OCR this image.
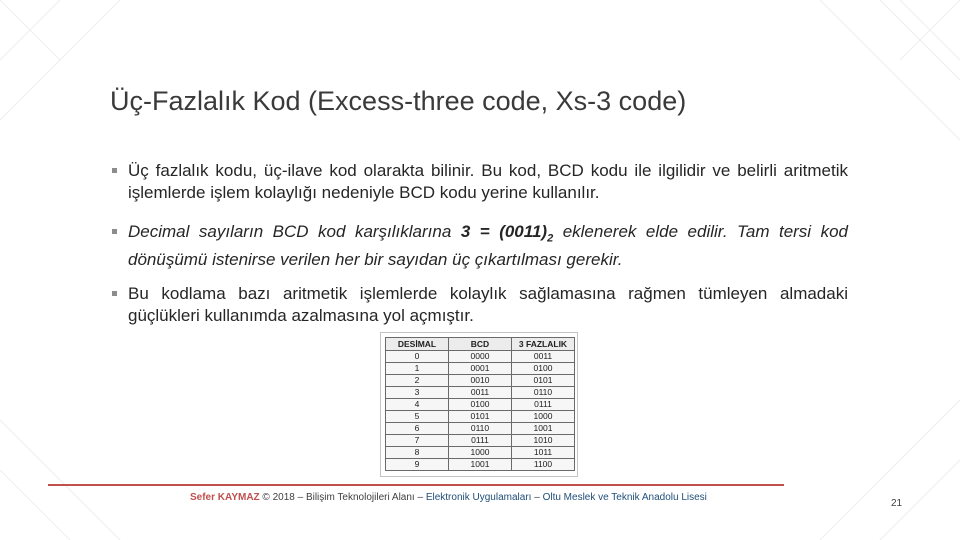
Üç-Fazlalık Kod (Excess-three code, Xs-3 code)
Üç fazlalık kodu, üç-ilave kod olarakta bilinir. Bu kod, BCD kodu ile ilgilidir ve belirli aritmetik işlemlerde işlem kolaylığı nedeniyle BCD kodu yerine kullanılır.
Decimal sayıların BCD kod karşılıklarına $3 = (0011)_2$ eklenerek elde edilir. Tam tersi kod dönüşümü istenirse verilen her bir sayıdan üç çıkartılması gerekir.
Bu kodlama bazı aritmetik işlemlerde kolaylık sağlamasına rağmen tümleyen almadaki güçlükleri kullanımda azalmasına yol açmıştır.
DESİMAL	BCD	3 FAZLALIK
0	0000	0011
1	0001	0100
2	0010	0101
3	0011	0110
4	0100	0111
5	0101	1000
6	0110	1001
7	0111	1010
8	1000	1011
9	1001	1100
Sefer KAYMAZ © 2018 – Bilişim Teknolojileri Alanı – Elektronik Uygulamaları – Oltu Meslek ve Teknik Anadolu Lisesi
21
